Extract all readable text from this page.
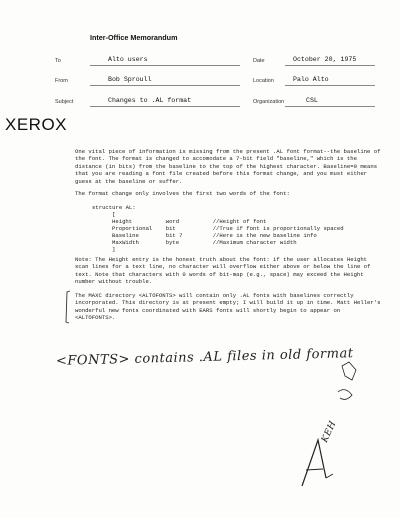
Inter-Office Memorandum
To	Alto users	Date	October 20, 1975
From	Bob Sproull	Location	Palo Alto
Subject	Changes to .AL format	Organization	CSL
XEROX
One vital piece of information is missing from the present .AL font format--the baseline of
the font. The format is changed to accomodate a 7-bit field "baseline," which is the
distance (in bits) from the baseline to the top of the highest character. Baseline=0 means
that you are reading a font file created before this format change, and you must either
guess at the baseline or suffer.
The format change only involves the first two words of the font:
structure AL:
[
Height          word          //Height of font
Proportional    bit           //True if font is proportionally spaced
Baseline        bit 7         //Here is the new baseline info
MaxWidth        byte          //Maximum character width
]
Note: The Height entry is the honest truth about the font: if the user allocates Height
scan lines for a text line, no character will overflow either above or below the line of
text. Note that characters with 0 words of bit-map (e.g., space) may exceed the Height
number without trouble.
The MAXC directory <ALTOFONTS> will contain only .AL fonts with baselines correctly
incorporated. This directory is at present empty; I will build it up in time. Matt Heller's
wonderful new fonts coordinated with EARS fonts will shortly begin to appear on
<ALTOFONTS>.
<FONTS> contains .AL files in old format
KEH
